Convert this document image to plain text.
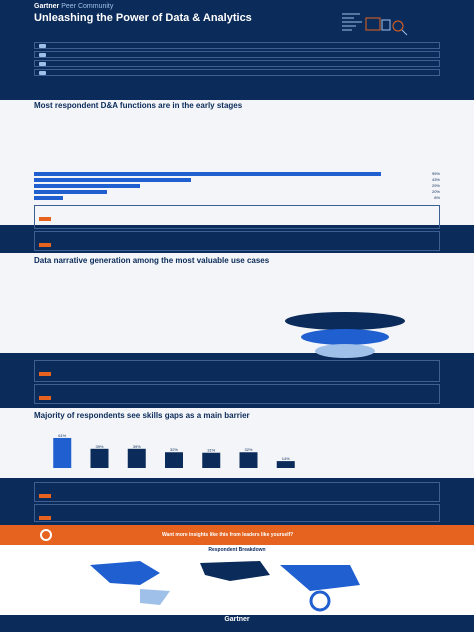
Gartner Peer Community
Unleashing the Power of Data & Analytics

Most respondent D&A functions are in the early stages
95%
43%
29%
20%
8%
Data narrative generation among the most valuable use cases
Majority of respondents see skills gaps as a main barrier
61%
39%	39%
32%	31%	32%
14%
Want more insights like this from leaders like yourself?
Respondent Breakdown
Gartner
